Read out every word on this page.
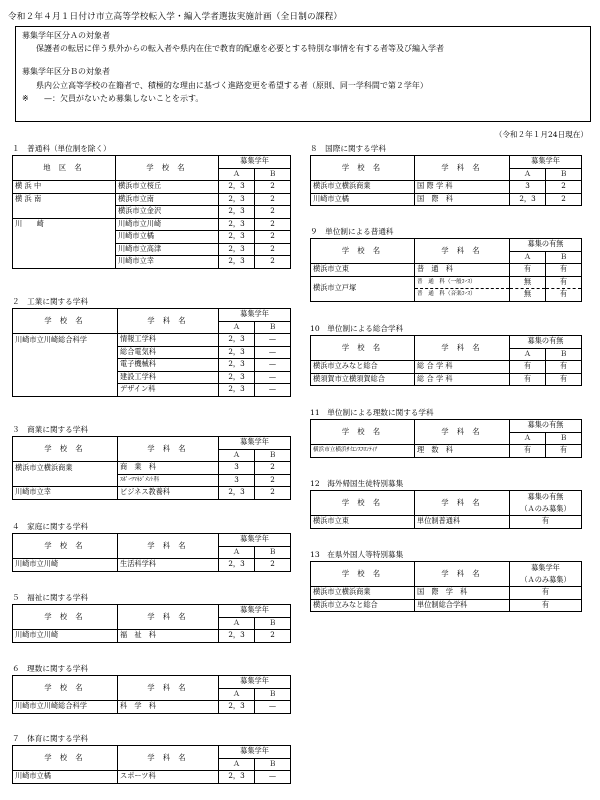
令和２年４月１日付け市立高等学校転入学・編入学者選抜実施計画（全日制の課程）
募集学年区分Ａの対象者
保護者の転居に伴う県外からの転入者や県内在住で教育的配慮を必要とする特別な事情を有する者等及び編入学者
募集学年区分Ｂの対象者
県内公立高等学校の在籍者で、積極的な理由に基づく進路変更を希望する者（原則、同一学科間で第２学年）
※ —：欠員がないため募集しないことを示す。
（令和２年１月24日現在）
１　普通科（単位制を除く）
地 区 名	学 校 名	募集学年	
		Ａ	Ｂ
横 浜 中	横浜市立桜丘	2，3	2
横 浜 南	横浜市立南	2，3	2
	横浜市立金沢	2，3	2
川　　崎	川崎市立川崎	2，3	2
	川崎市立橘	2，3	2
	川崎市立高津	2，3	2
	川崎市立幸	2，3	2
２　工業に関する学科
学 校 名	学 科 名	募集学年	
		Ａ	Ｂ
川崎市立川崎総合科学	情報工学科	2，3	—
	総合電気科	2，3	—
	電子機械科	2，3	—
	建設工学科	2，3	—
	デザイン科	2，3	—
３　商業に関する学科
学 校 名	学 科 名	募集学年	
		Ａ	Ｂ
横浜市立横浜商業	商　業　科	3	2
	ｽﾎﾟｰﾂﾏﾈｼﾞﾒﾝﾄ科	3	2
川崎市立幸	ビジネス教養科	2，3	2
４　家庭に関する学科
学 校 名	学 科 名	募集学年	
		Ａ	Ｂ
川崎市立川崎	生活科学科	2，3	2
５　福祉に関する学科
学 校 名	学 科 名	募集学年	
		Ａ	Ｂ
川崎市立川崎	福　祉　科	2，3	2
６　理数に関する学科
学 校 名	学 科 名	募集学年	
		Ａ	Ｂ
川崎市立川崎総合科学	科　学　科	2，3	—
７　体育に関する学科
学 校 名	学 科 名	募集学年	
		Ａ	Ｂ
川崎市立橘	スポーツ科	2，3	—
８　国際に関する学科
学 校 名	学 科 名	募集学年	
		Ａ	Ｂ
横浜市立横浜商業	国 際 学 科	3	2
川崎市立橘	国　際　科	2，3	2
９　単位制による普通科
学 校 名	学 科 名	募集の有無	
		Ａ	Ｂ
横浜市立東	普　通　科	有	有
横浜市立戸塚	普　通　科（一般ｺｰｽ）	無	有
	普　通　科（音楽ｺｰｽ）	無	有
10　単位制による総合学科
学 校 名	学 科 名	募集の有無	
		Ａ	Ｂ
横浜市立みなと総合	総 合 学 科	有	有
横須賀市立横須賀総合	総 合 学 科	有	有
11　単位制による理数に関する学科
学 校 名	学 科 名	募集の有無	
		Ａ	Ｂ
横浜市立横浜ｻｲｴﾝｽﾌﾛﾝﾃｨｱ	理　数　科	有	有
12　海外帰国生徒特別募集
学 校 名	学 科 名	募集の有無
		（Ａのみ募集）
横浜市立東	単位制普通科	有
13　在県外国人等特別募集
学 校 名	学 科 名	募集学年
		（Ａのみ募集）
横浜市立横浜商業	国　際　学　科	有
横浜市立みなと総合	単位制総合学科	有
